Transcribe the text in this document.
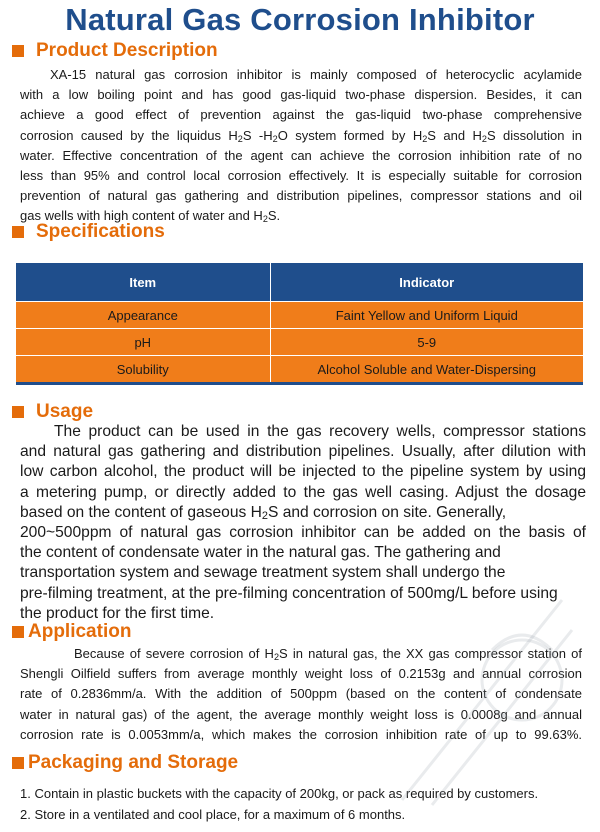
Natural Gas Corrosion Inhibitor
Product Description
XA-15 natural gas corrosion inhibitor is mainly composed of heterocyclic acylamide
with a low boiling point and has good gas-liquid two-phase dispersion. Besides, it can
achieve a good effect of prevention against the gas-liquid two-phase comprehensive
corrosion caused by the liquidus $H_2S$ $-H_2O$ system formed by $H_2S$ and $H_2S$ dissolution in
water. Effective concentration of the agent can achieve the corrosion inhibition rate of no
less than 95% and control local corrosion effectively. It is especially suitable for corrosion
prevention of natural gas gathering and distribution pipelines, compressor stations and oil
gas wells with high content of water and $H_2S$.
Specifications
Item	Indicator
Appearance	Faint Yellow and Uniform Liquid
pH	5-9
Solubility	Alcohol Soluble and Water-Dispersing
Usage
The product can be used in the gas recovery wells, compressor stations
and natural gas gathering and distribution pipelines. Usually, after dilution with
low carbon alcohol, the product will be injected to the pipeline system by using
a metering pump, or directly added to the gas well casing. Adjust the dosage
based on the content of gaseous $H_2S$ and corrosion on site. Generally,
200~500ppm of natural gas corrosion inhibitor can be added on the basis of
the content of condensate water in the natural gas. The gathering and
transportation system and sewage treatment system shall undergo the
pre-filming treatment, at the pre-filming concentration of 500mg/L before using
the product for the first time.
Application
Because of severe corrosion of $H_2S$ in natural gas, the XX gas compressor station of
Shengli Oilfield suffers from average monthly weight loss of 0.2153g and annual corrosion
rate of 0.2836mm/a. With the addition of 500ppm (based on the content of condensate
water in natural gas) of the agent, the average monthly weight loss is 0.0008g and annual
corrosion rate is 0.0053mm/a, which makes the corrosion inhibition rate of up to 99.63%.
Packaging and Storage
1. Contain in plastic buckets with the capacity of 200kg, or pack as required by customers.
2. Store in a ventilated and cool place, for a maximum of 6 months.
